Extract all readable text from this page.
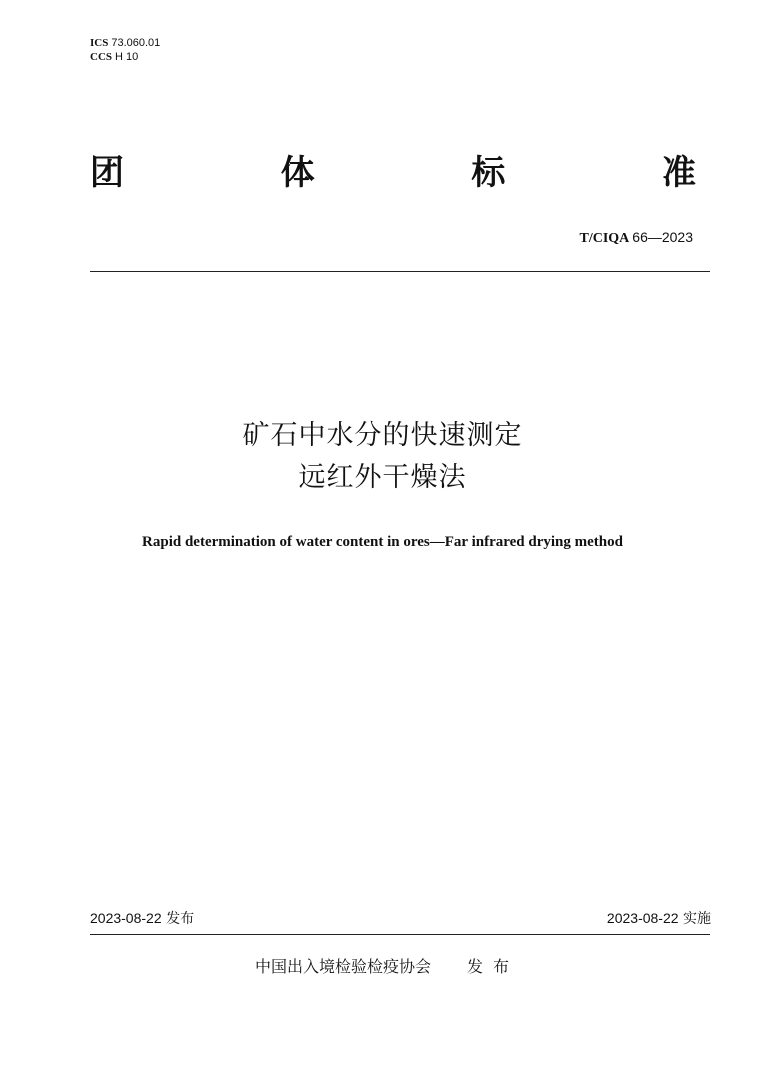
ICS 73.060.01
CCS H 10
团	体	标	准
T/CIQA 66—2023
矿石中水分的快速测定
远红外干燥法
Rapid determination of water content in ores—Far infrared drying method
2023-08-22 发布	2023-08-22 实施
中国出入境检验检疫协会 发布
